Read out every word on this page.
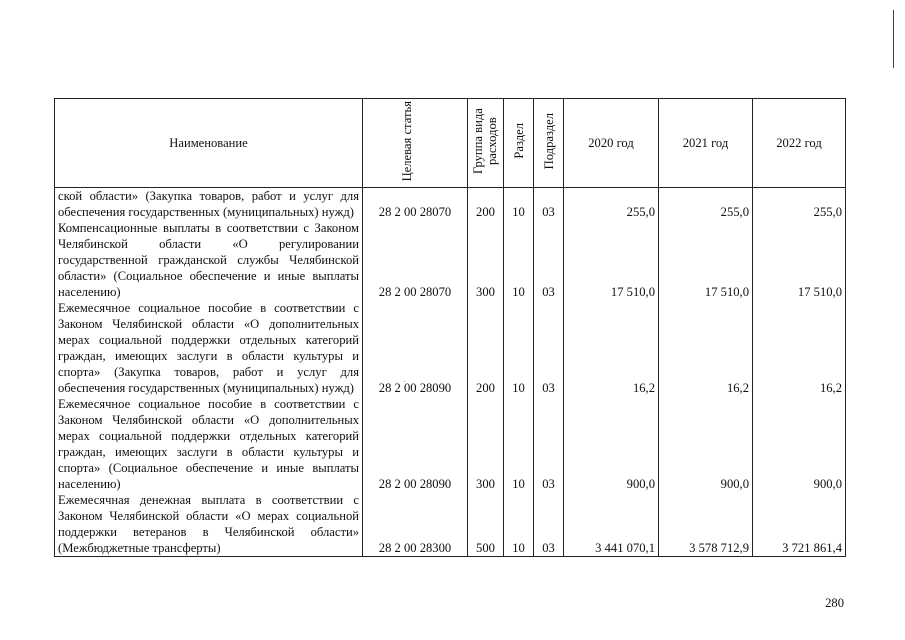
Наименование	Целевая статья	Группа вида расходов	Раздел	Подраздел	2020 год	2021 год	2022 год
ской области» (Закупка товаров, работ и услуг для обеспечения государственных (муниципальных) нужд)	28 2 00 28070	200	10	03	255,0	255,0	255,0
Компенсационные выплаты в соответствии с Законом Челябинской области «О регулировании государственной гражданской службы Челябинской области» (Социальное обеспечение и иные выплаты населению)	28 2 00 28070	300	10	03	17 510,0	17 510,0	17 510,0
Ежемесячное социальное пособие в соответствии с Законом Челябинской области «О дополнительных мерах социальной поддержки отдельных категорий граждан, имеющих заслуги в области культуры и спорта» (Закупка товаров, работ и услуг для обеспечения государственных (муниципальных) нужд)	28 2 00 28090	200	10	03	16,2	16,2	16,2
Ежемесячное социальное пособие в соответствии с Законом Челябинской области «О дополнительных мерах социальной поддержки отдельных категорий граждан, имеющих заслуги в области культуры и спорта» (Социальное обеспечение и иные выплаты населению)	28 2 00 28090	300	10	03	900,0	900,0	900,0
Ежемесячная денежная выплата в соответствии с Законом Челябинской области «О мерах социальной поддержки ветеранов в Челябинской области» (Межбюджетные трансферты)	28 2 00 28300	500	10	03	3 441 070,1	3 578 712,9	3 721 861,4
280
